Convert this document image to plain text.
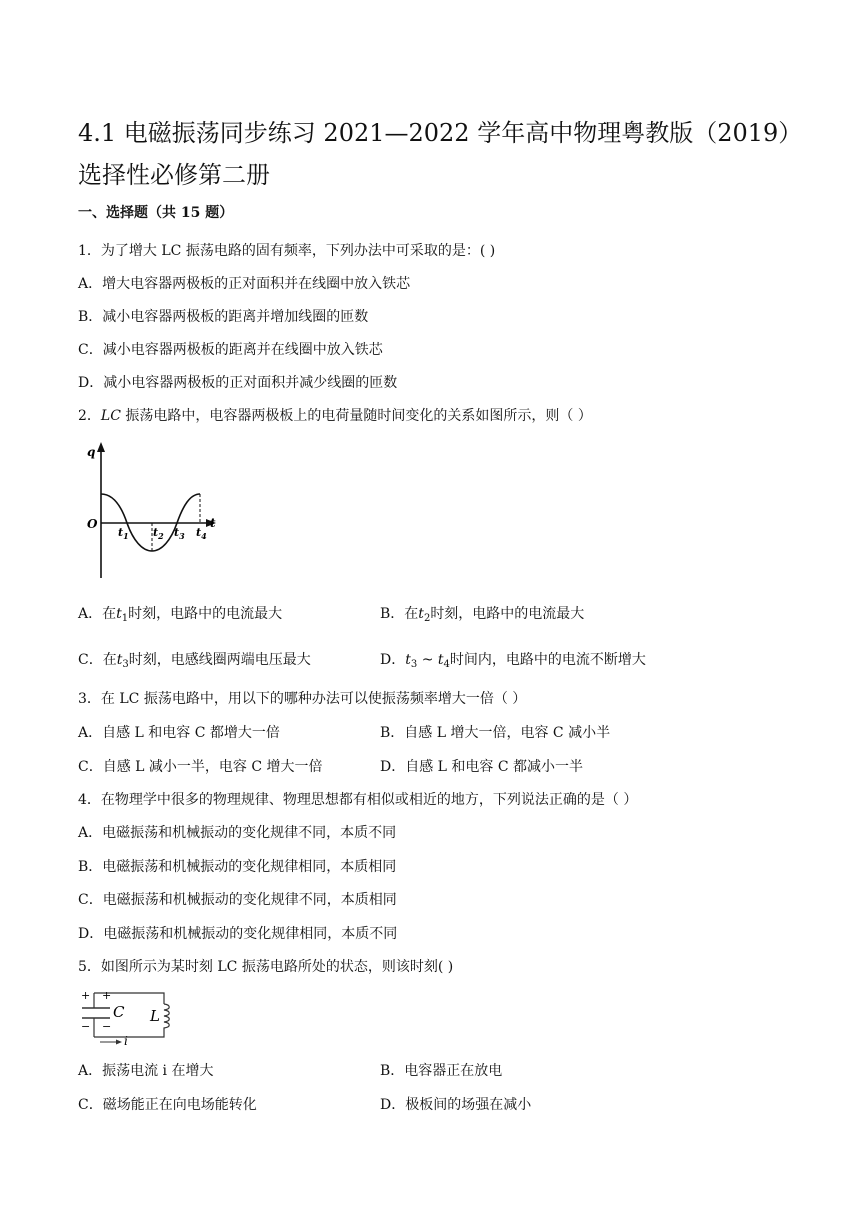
4.1 电磁振荡同步练习 2021—2022 学年高中物理粤教版（2019）选择性必修第二册
一、选择题（共 15 题）
1．为了增大 LC 振荡电路的固有频率，下列办法中可采取的是：( )
A．增大电容器两极板的正对面积并在线圈中放入铁芯
B．减小电容器两极板的距离并增加线圈的匝数
C．减小电容器两极板的距离并在线圈中放入铁芯
D．减小电容器两极板的正对面积并减少线圈的匝数
2．LC 振荡电路中，电容器两极板上的电荷量随时间变化的关系如图所示，则（ ）
q
t
O
$t_1$ $t_2$ $t_3$ $t_4$
A．在$t_1$时刻，电路中的电流最大	B．在$t_2$时刻，电路中的电流最大
C．在$t_3$时刻，电感线圈两端电压最大	D．$t_3$ ~ $t_4$时间内，电路中的电流不断增大
3．在 LC 振荡电路中，用以下的哪种办法可以使振荡频率增大一倍（ ）
A．自感 L 和电容 C 都增大一倍	B．自感 L 增大一倍，电容 C 减小半
C．自感 L 减小一半，电容 C 增大一倍	D．自感 L 和电容 C 都减小一半
4．在物理学中很多的物理规律、物理思想都有相似或相近的地方，下列说法正确的是（ ）
A．电磁振荡和机械振动的变化规律不同，本质不同
B．电磁振荡和机械振动的变化规律相同，本质相同
C．电磁振荡和机械振动的变化规律不同，本质相同
D．电磁振荡和机械振动的变化规律相同，本质不同
5．如图所示为某时刻 LC 振荡电路所处的状态，则该时刻( )
+ +
− −
C L
i
A．振荡电流 i 在增大	B．电容器正在放电
C．磁场能正在向电场能转化	D．极板间的场强在减小
